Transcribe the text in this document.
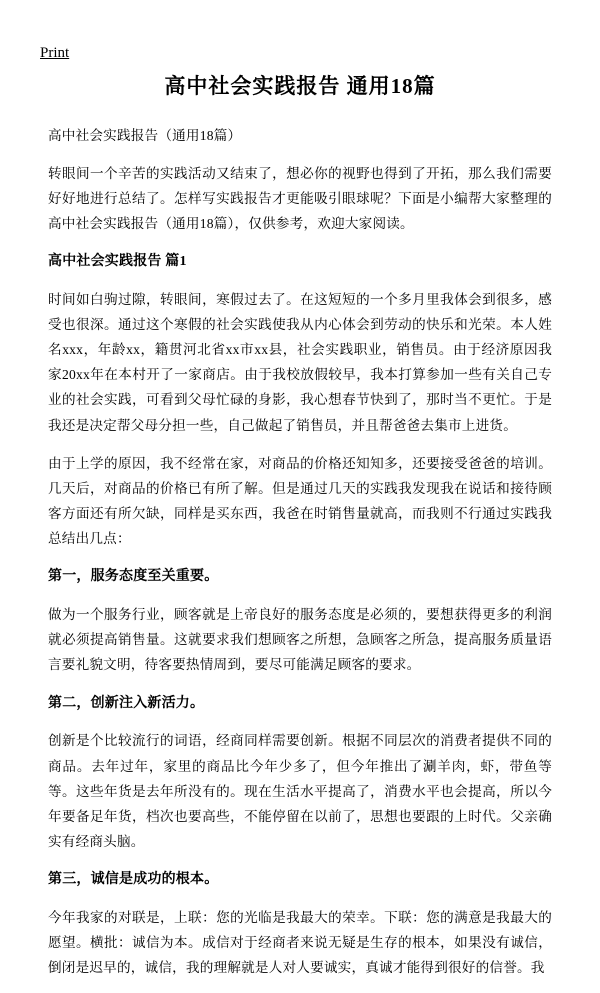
Print
高中社会实践报告 通用18篇

高中社会实践报告（通用18篇）

转眼间一个辛苦的实践活动又结束了，想必你的视野也得到了开拓，那么我们需要好好地进行总结了。怎样写实践报告才更能吸引眼球呢？下面是小编帮大家整理的高中社会实践报告（通用18篇），仅供参考，欢迎大家阅读。

高中社会实践报告 篇1

时间如白驹过隙，转眼间，寒假过去了。在这短短的一个多月里我体会到很多，感受也很深。通过这个寒假的社会实践使我从内心体会到劳动的快乐和光荣。本人姓名xxx，年龄xx，籍贯河北省xx市xx县，社会实践职业，销售员。由于经济原因我家20xx年在本村开了一家商店。由于我校放假较早，我本打算参加一些有关自己专业的社会实践，可看到父母忙碌的身影，我心想春节快到了，那时当不更忙。于是我还是决定帮父母分担一些，自己做起了销售员，并且帮爸爸去集市上进货。

由于上学的原因，我不经常在家，对商品的价格还知知多，还要接受爸爸的培训。几天后，对商品的价格已有所了解。但是通过几天的实践我发现我在说话和接待顾客方面还有所欠缺，同样是买东西，我爸在时销售量就高，而我则不行通过实践我总结出几点：

第一，服务态度至关重要。

做为一个服务行业，顾客就是上帝良好的服务态度是必须的，要想获得更多的利润就必须提高销售量。这就要求我们想顾客之所想，急顾客之所急，提高服务质量语言要礼貌文明，待客要热情周到，要尽可能满足顾客的要求。

第二，创新注入新活力。

创新是个比较流行的词语，经商同样需要创新。根据不同层次的消费者提供不同的商品。去年过年，家里的商品比今年少多了，但今年推出了涮羊肉，虾，带鱼等等。这些年货是去年所没有的。现在生活水平提高了，消费水平也会提高，所以今年要备足年货，档次也要高些，不能停留在以前了，思想也要跟的上时代。父亲确实有经商头脑。

第三，诚信是成功的根本。

今年我家的对联是，上联：您的光临是我最大的荣幸。下联：您的满意是我最大的愿望。横批：诚信为本。成信对于经商者来说无疑是生存的根本，如果没有诚信，倒闭是迟早的，诚信，我的理解就是人对人要诚实，真诚才能得到很好的信誉。我
